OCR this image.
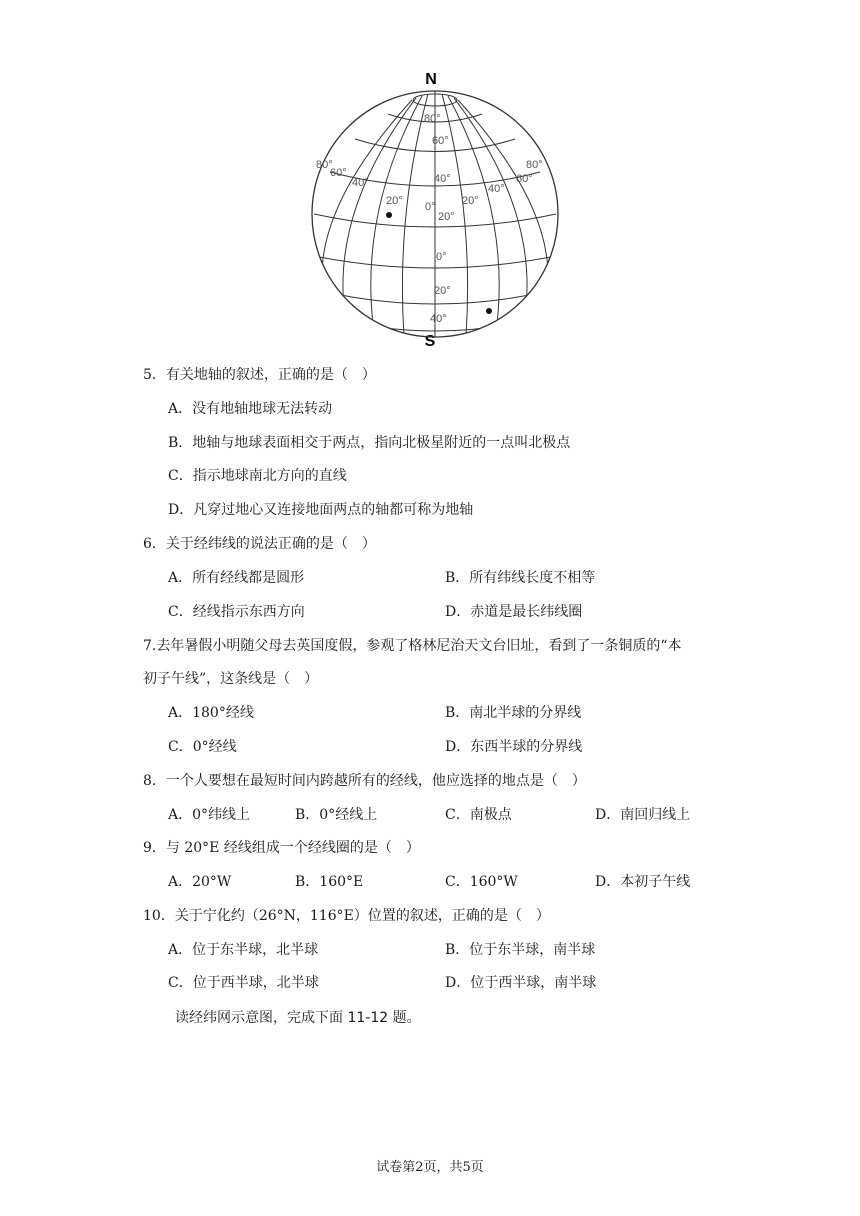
N
S
80°
60°
40°
20°
0°
20°
40°
80°
60°
40°
20° 0° 20°
40°
60°
80°
5．有关地轴的叙述，正确的是（　）
A．没有地轴地球无法转动
B．地轴与地球表面相交于两点，指向北极星附近的一点叫北极点
C．指示地球南北方向的直线
D．凡穿过地心又连接地面两点的轴都可称为地轴
6．关于经纬线的说法正确的是（　）
A．所有经线都是圆形	B．所有纬线长度不相等
C．经线指示东西方向	D．赤道是最长纬线圈
7.去年暑假小明随父母去英国度假，参观了格林尼治天文台旧址，看到了一条铜质的“本
初子午线”，这条线是（　）
A．180°经线	B．南北半球的分界线
C．0°经线	D．东西半球的分界线
8．一个人要想在最短时间内跨越所有的经线，他应选择的地点是（　）
A．0°纬线上	B．0°经线上	C．南极点	D．南回归线上
9．与 20°E 经线组成一个经线圈的是（　）
A．20°W	B．160°E	C．160°W	D．本初子午线
10．关于宁化约（26°N，116°E）位置的叙述，正确的是（　）
A．位于东半球，北半球	B．位于东半球，南半球
C．位于西半球，北半球	D．位于西半球，南半球
读经纬网示意图，完成下面 11-12 题。
试卷第2页，共5页
